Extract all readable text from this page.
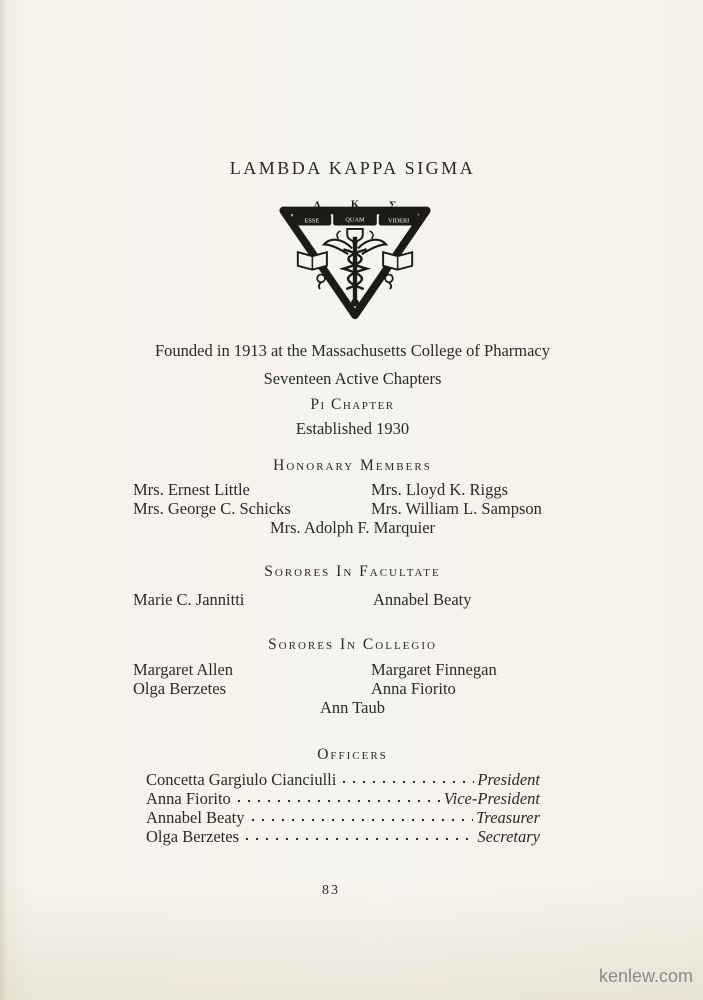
LAMBDA KAPPA SIGMA
Λ	Κ	Σ
ESSE	QUAM	VIDERI
Founded in 1913 at the Massachusetts College of Pharmacy
Seventeen Active Chapters
Pi Chapter
Established 1930
Honorary Members
Mrs. Ernest Little	Mrs. Lloyd K. Riggs
Mrs. George C. Schicks	Mrs. William L. Sampson
Mrs. Adolph F. Marquier
Sorores In Facultate
Marie C. Jannitti	Annabel Beaty
Sorores In Collegio
Margaret Allen	Margaret Finnegan
Olga Berzetes	Anna Fiorito
Ann Taub
Officers
Concetta Gargiulo Cianciulli	President
Anna Fiorito	Vice-President
Annabel Beaty	Treasurer
Olga Berzetes	Secretary
83
kenlew.com
